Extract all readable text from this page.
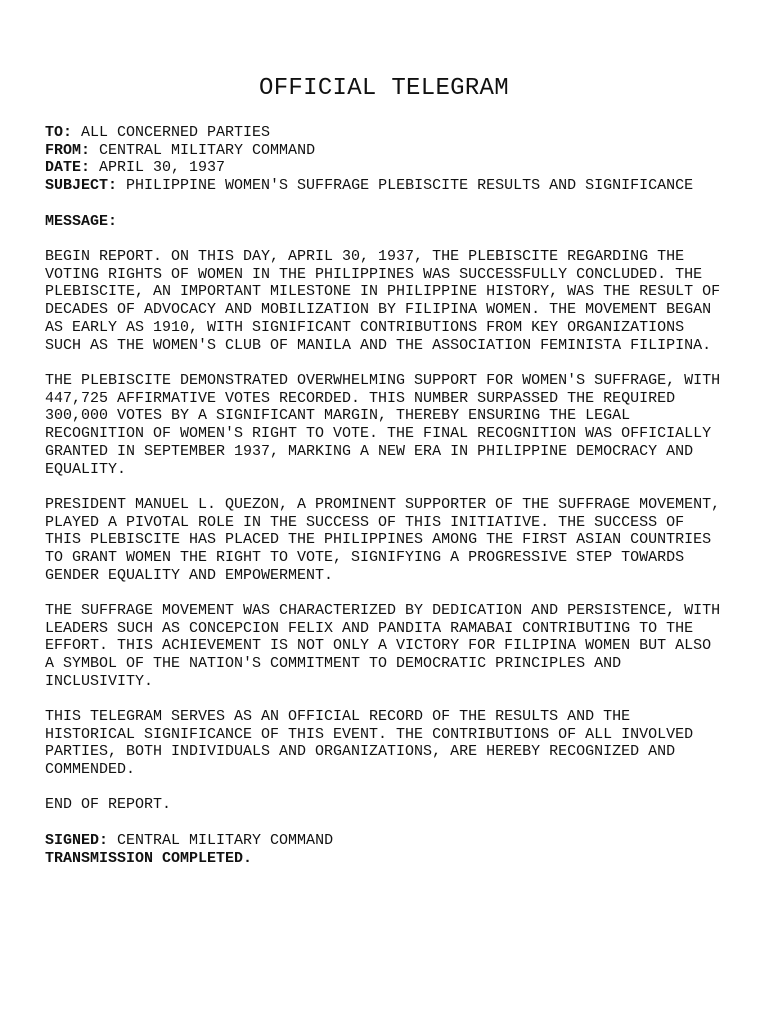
OFFICIAL TELEGRAM
TO: ALL CONCERNED PARTIES
FROM: CENTRAL MILITARY COMMAND
DATE: APRIL 30, 1937
SUBJECT: PHILIPPINE WOMEN'S SUFFRAGE PLEBISCITE RESULTS AND SIGNIFICANCE
MESSAGE:
BEGIN REPORT. ON THIS DAY, APRIL 30, 1937, THE PLEBISCITE REGARDING THE
VOTING RIGHTS OF WOMEN IN THE PHILIPPINES WAS SUCCESSFULLY CONCLUDED. THE
PLEBISCITE, AN IMPORTANT MILESTONE IN PHILIPPINE HISTORY, WAS THE RESULT OF
DECADES OF ADVOCACY AND MOBILIZATION BY FILIPINA WOMEN. THE MOVEMENT BEGAN
AS EARLY AS 1910, WITH SIGNIFICANT CONTRIBUTIONS FROM KEY ORGANIZATIONS
SUCH AS THE WOMEN'S CLUB OF MANILA AND THE ASSOCIATION FEMINISTA FILIPINA.
THE PLEBISCITE DEMONSTRATED OVERWHELMING SUPPORT FOR WOMEN'S SUFFRAGE, WITH
447,725 AFFIRMATIVE VOTES RECORDED. THIS NUMBER SURPASSED THE REQUIRED
300,000 VOTES BY A SIGNIFICANT MARGIN, THEREBY ENSURING THE LEGAL
RECOGNITION OF WOMEN'S RIGHT TO VOTE. THE FINAL RECOGNITION WAS OFFICIALLY
GRANTED IN SEPTEMBER 1937, MARKING A NEW ERA IN PHILIPPINE DEMOCRACY AND
EQUALITY.
PRESIDENT MANUEL L. QUEZON, A PROMINENT SUPPORTER OF THE SUFFRAGE MOVEMENT,
PLAYED A PIVOTAL ROLE IN THE SUCCESS OF THIS INITIATIVE. THE SUCCESS OF
THIS PLEBISCITE HAS PLACED THE PHILIPPINES AMONG THE FIRST ASIAN COUNTRIES
TO GRANT WOMEN THE RIGHT TO VOTE, SIGNIFYING A PROGRESSIVE STEP TOWARDS
GENDER EQUALITY AND EMPOWERMENT.
THE SUFFRAGE MOVEMENT WAS CHARACTERIZED BY DEDICATION AND PERSISTENCE, WITH
LEADERS SUCH AS CONCEPCION FELIX AND PANDITA RAMABAI CONTRIBUTING TO THE
EFFORT. THIS ACHIEVEMENT IS NOT ONLY A VICTORY FOR FILIPINA WOMEN BUT ALSO
A SYMBOL OF THE NATION'S COMMITMENT TO DEMOCRATIC PRINCIPLES AND
INCLUSIVITY.
THIS TELEGRAM SERVES AS AN OFFICIAL RECORD OF THE RESULTS AND THE
HISTORICAL SIGNIFICANCE OF THIS EVENT. THE CONTRIBUTIONS OF ALL INVOLVED
PARTIES, BOTH INDIVIDUALS AND ORGANIZATIONS, ARE HEREBY RECOGNIZED AND
COMMENDED.
END OF REPORT.
SIGNED: CENTRAL MILITARY COMMAND
TRANSMISSION COMPLETED.
